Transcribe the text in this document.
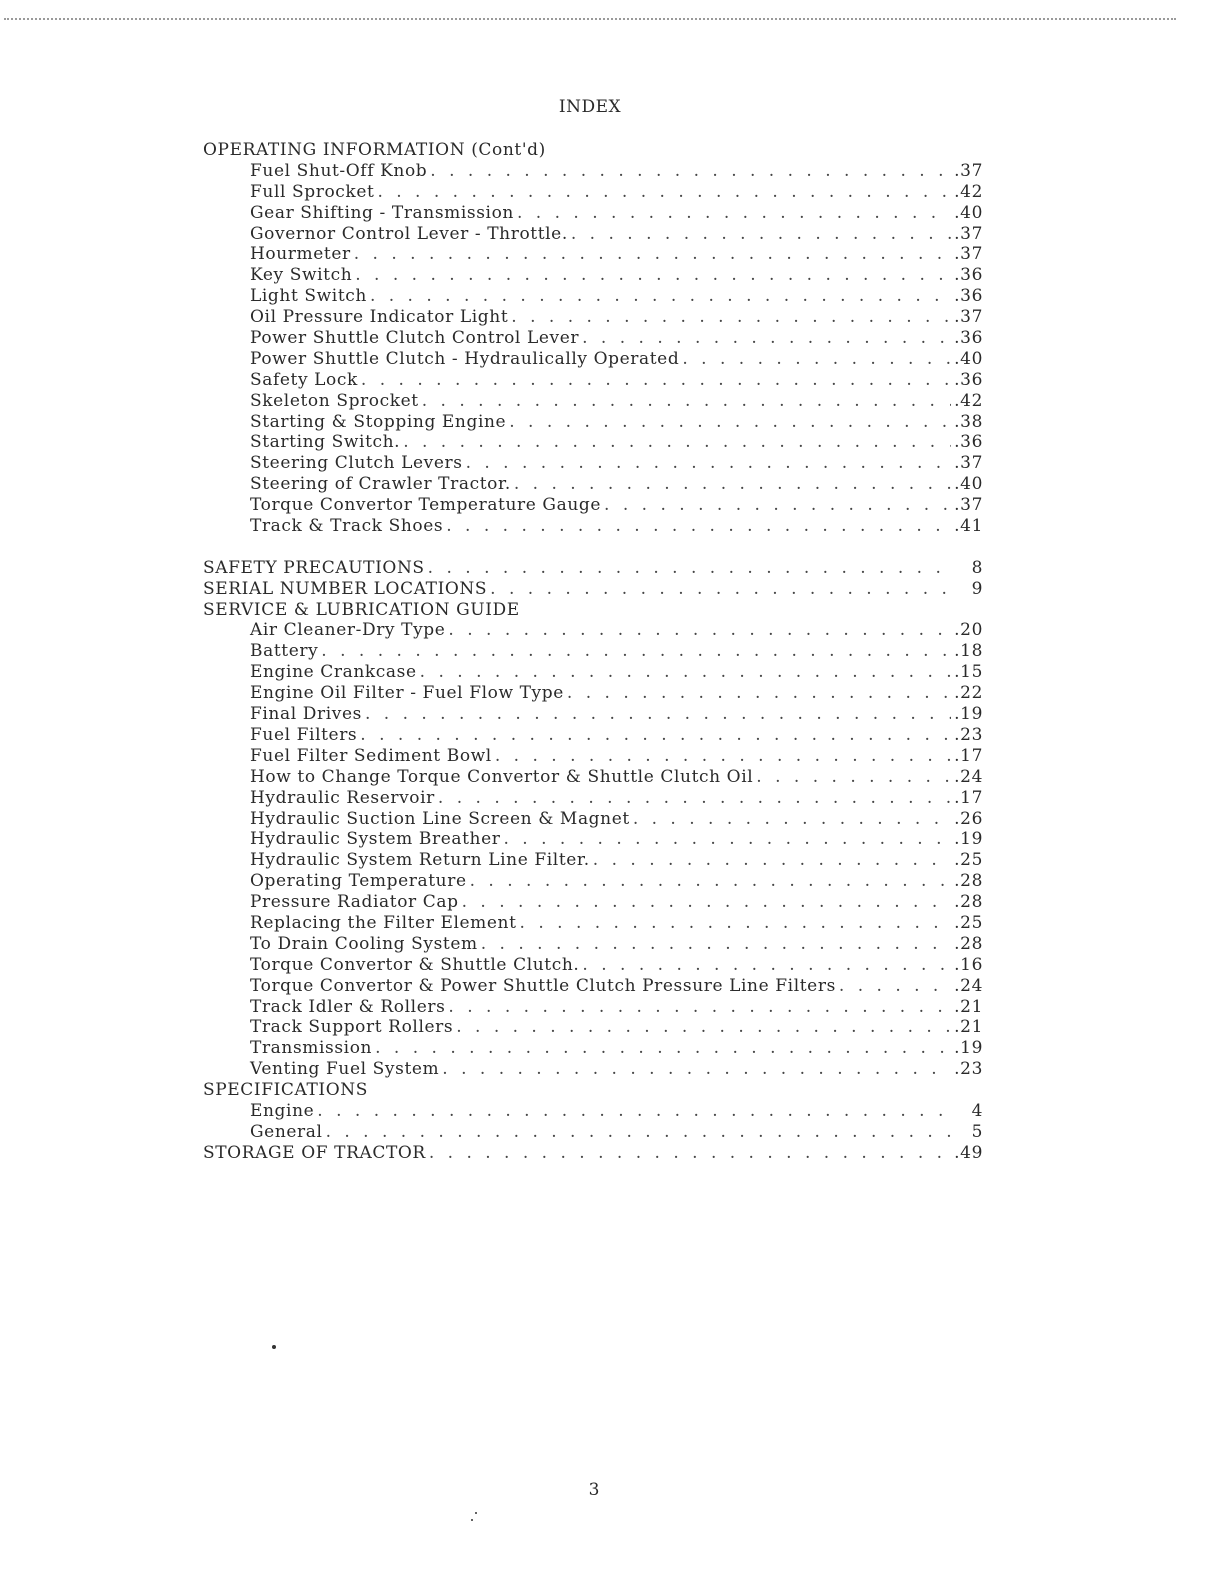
INDEX
OPERATING INFORMATION (Cont'd)
Fuel Shut-Off Knob . . .	.37
Full Sprocket . . .	.42
Gear Shifting - Transmission . . .	.40
Governor Control Lever - Throttle. . . .	.37
Hourmeter . . .	.37
Key Switch . . .	.36
Light Switch . . .	.36
Oil Pressure Indicator Light . . .	.37
Power Shuttle Clutch Control Lever . . .	.36
Power Shuttle Clutch - Hydraulically Operated . . .	.40
Safety Lock . . .	.36
Skeleton Sprocket . . .	.42
Starting & Stopping Engine . . .	.38
Starting Switch. . . .	.36
Steering Clutch Levers . . .	.37
Steering of Crawler Tractor. . . .	.40
Torque Convertor Temperature Gauge . . .	.37
Track & Track Shoes . . .	.41
SAFETY PRECAUTIONS . . .	8
SERIAL NUMBER LOCATIONS . . .	9
SERVICE & LUBRICATION GUIDE
Air Cleaner-Dry Type . . .	.20
Battery . . .	.18
Engine Crankcase . . .	.15
Engine Oil Filter - Fuel Flow Type . . .	.22
Final Drives . . .	.19
Fuel Filters . . .	.23
Fuel Filter Sediment Bowl . . .	.17
How to Change Torque Convertor & Shuttle Clutch Oil . . .	.24
Hydraulic Reservoir . . .	.17
Hydraulic Suction Line Screen & Magnet . . .	.26
Hydraulic System Breather . . .	.19
Hydraulic System Return Line Filter. . . .	.25
Operating Temperature . . .	.28
Pressure Radiator Cap . . .	.28
Replacing the Filter Element . . .	.25
To Drain Cooling System . . .	.28
Torque Convertor & Shuttle Clutch. . . .	.16
Torque Convertor & Power Shuttle Clutch Pressure Line Filters . . .	.24
Track Idler & Rollers . . .	.21
Track Support Rollers . . .	.21
Transmission . . .	.19
Venting Fuel System . . .	.23
SPECIFICATIONS
Engine . . .	4
General . . .	5
STORAGE OF TRACTOR . . .	.49
3
